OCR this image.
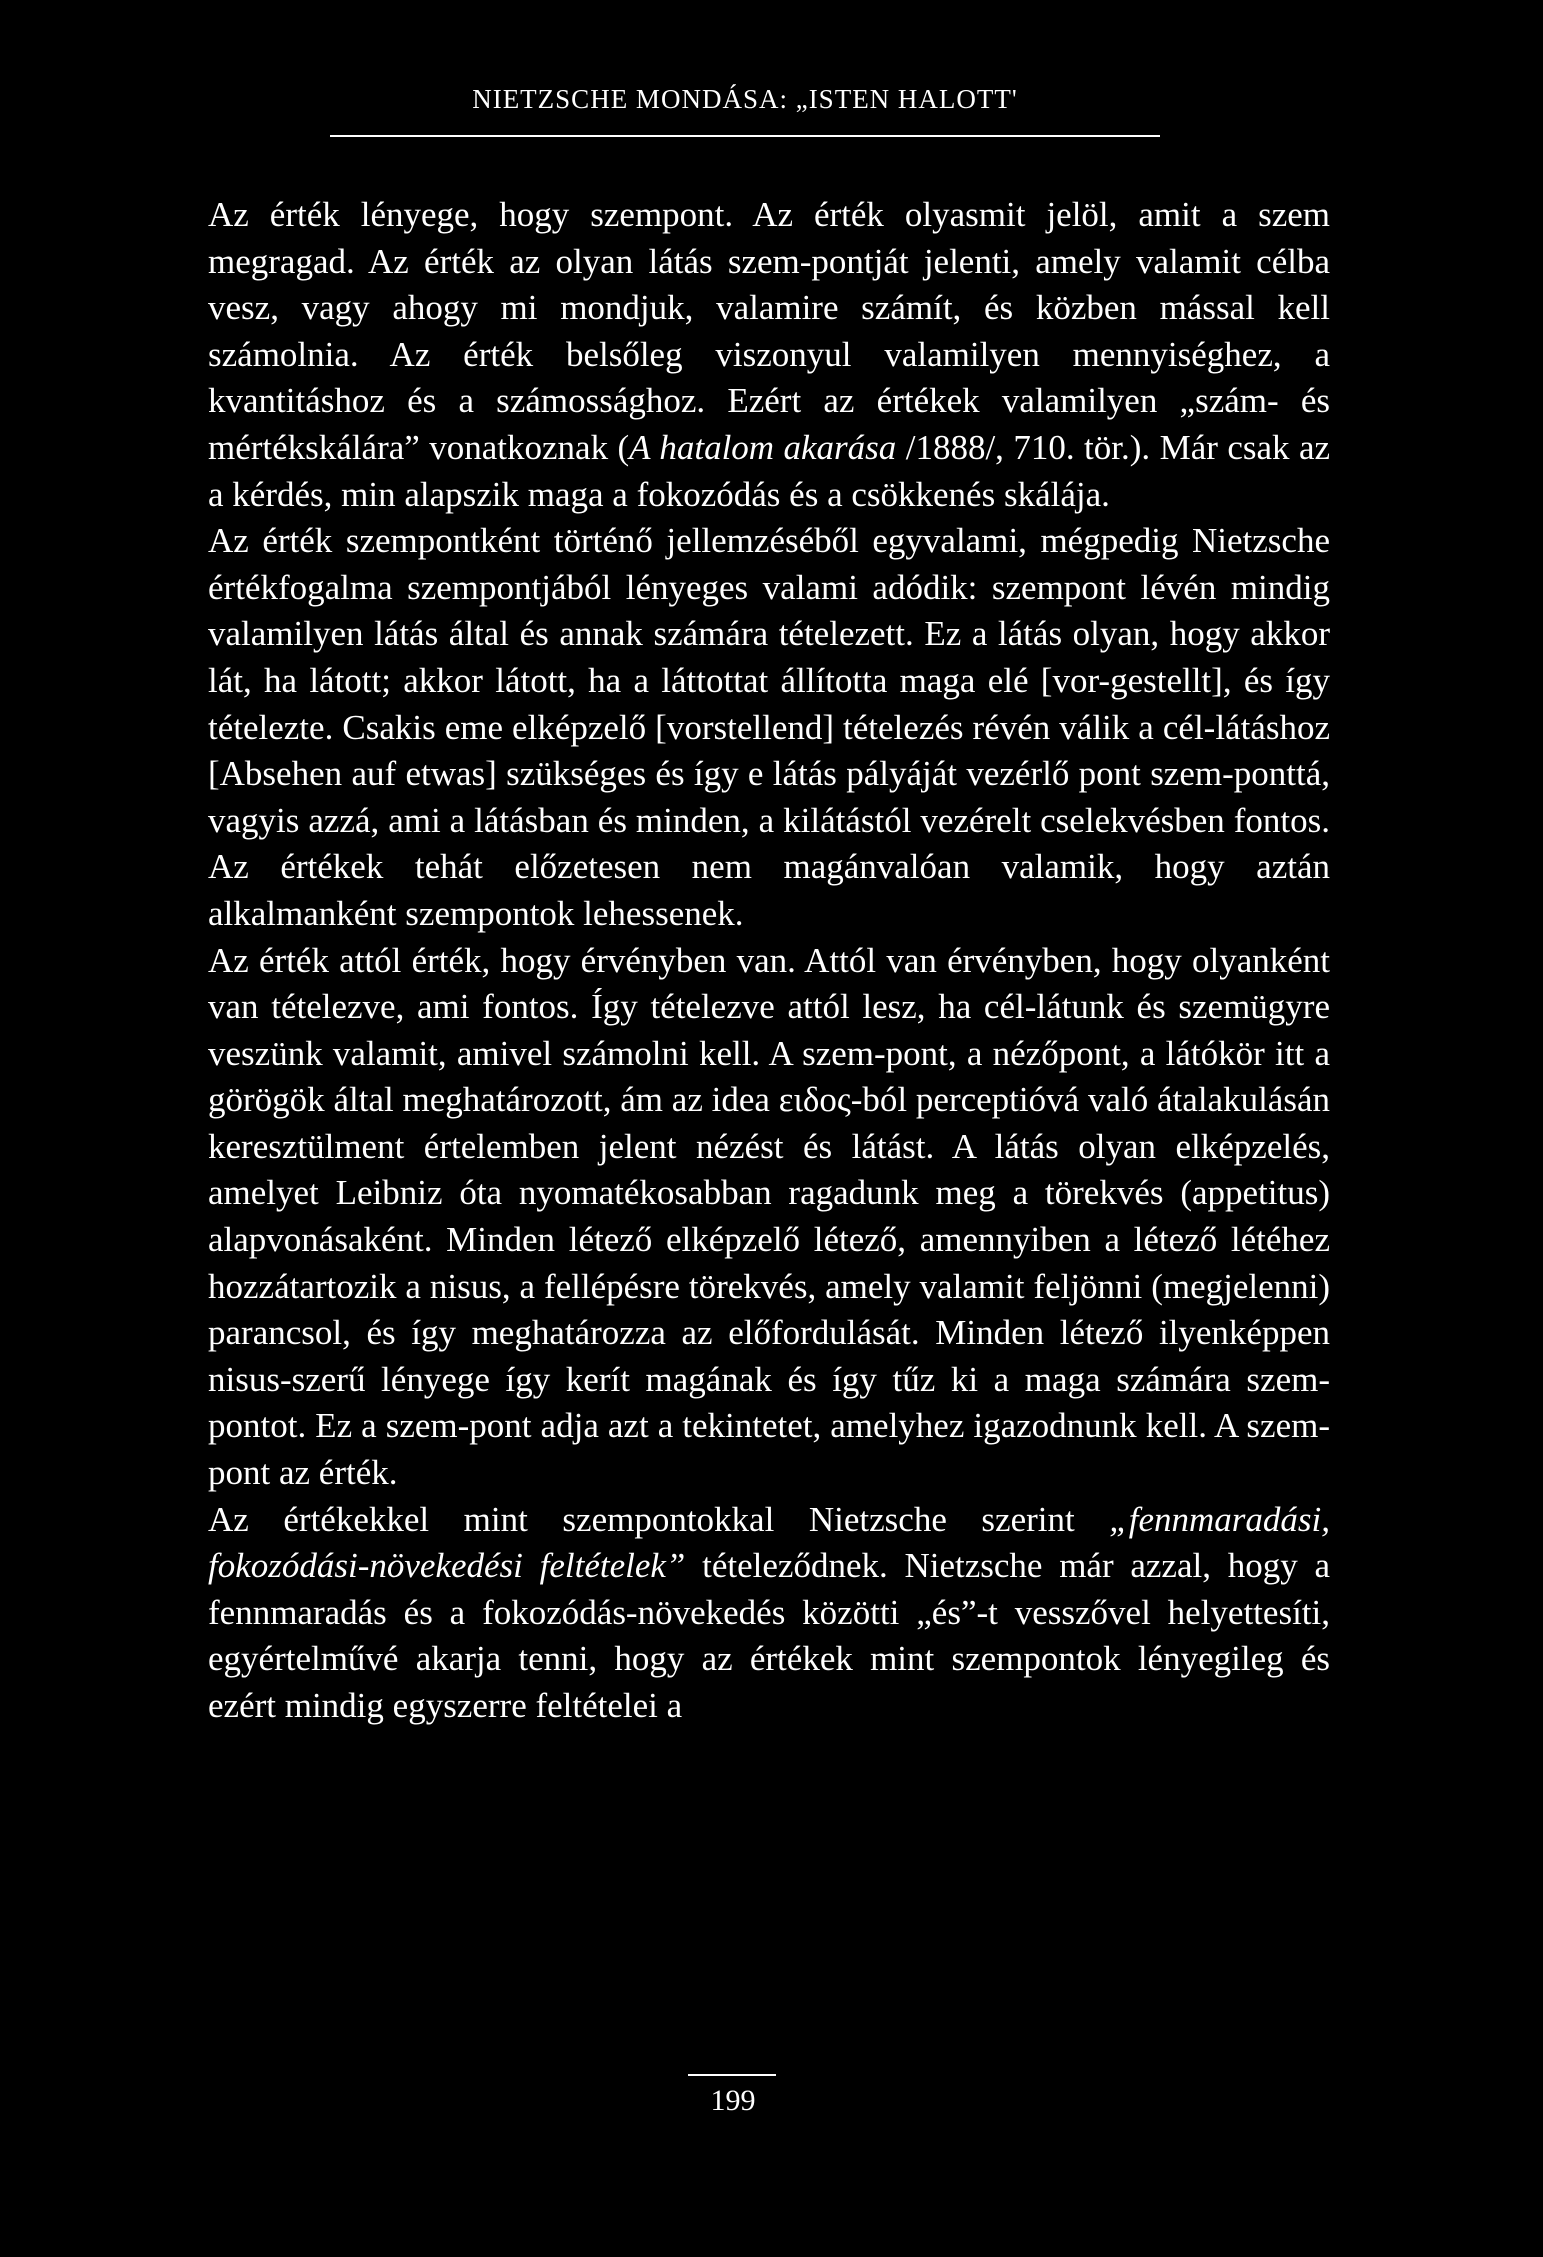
NIETZSCHE MONDÁSA: „ISTEN HALOTT'

Az érték lényege, hogy szempont. Az érték olyasmit jelöl, amit a szem megragad. Az érték az olyan látás szem-pontját jelenti, amely valamit célba vesz, vagy ahogy mi mondjuk, valamire számít, és közben mással kell számolnia. Az érték belsőleg viszonyul valamilyen mennyiséghez, a kvantitáshoz és a számossághoz. Ezért az értékek valamilyen „szám- és mértékskálára” vonatkoznak (A hatalom akarása /1888/, 710. tör.). Már csak az a kérdés, min alapszik maga a fokozódás és a csökkenés skálája.

Az érték szempontként történő jellemzéséből egyvalami, mégpedig Nietzsche értékfogalma szempontjából lényeges valami adódik: szempont lévén mindig valamilyen látás által és annak számára tételezett. Ez a látás olyan, hogy akkor lát, ha látott; akkor látott, ha a láttottat állította maga elé [vor-gestellt], és így tételezte. Csakis eme elképzelő [vorstellend] tételezés révén válik a cél-látáshoz [Absehen auf etwas] szükséges és így e látás pályáját vezérlő pont szem-ponttá, vagyis azzá, ami a látásban és minden, a kilátástól vezérelt cselekvésben fontos. Az értékek tehát előzetesen nem magánvalóan valamik, hogy aztán alkalmanként szempontok lehessenek.

Az érték attól érték, hogy érvényben van. Attól van érvényben, hogy olyanként van tételezve, ami fontos. Így tételezve attól lesz, ha cél-látunk és szemügyre veszünk valamit, amivel számolni kell. A szem-pont, a nézőpont, a látókör itt a görögök által meghatározott, ám az idea ειδος-ból perceptióvá való átalakulásán keresztülment értelemben jelent nézést és látást. A látás olyan elképzelés, amelyet Leibniz óta nyomatékosabban ragadunk meg a törekvés (appetitus) alapvonásaként. Minden létező elképzelő létező, amennyiben a létező létéhez hozzátartozik a nisus, a fellépésre törekvés, amely valamit feljönni (megjelenni) parancsol, és így meghatározza az előfordulását. Minden létező ilyenképpen nisus-szerű lényege így kerít magának és így tűz ki a maga számára szem-pontot. Ez a szem-pont adja azt a tekintetet, amelyhez igazodnunk kell. A szem-pont az érték.

Az értékekkel mint szempontokkal Nietzsche szerint „fennmaradási, fokozódási-növekedési feltételek” tételeződnek. Nietzsche már azzal, hogy a fennmaradás és a fokozódás-növekedés közötti „és”-t vesszővel helyettesíti, egyértelművé akarja tenni, hogy az értékek mint szempontok lényegileg és ezért mindig egyszerre feltételei a

199
